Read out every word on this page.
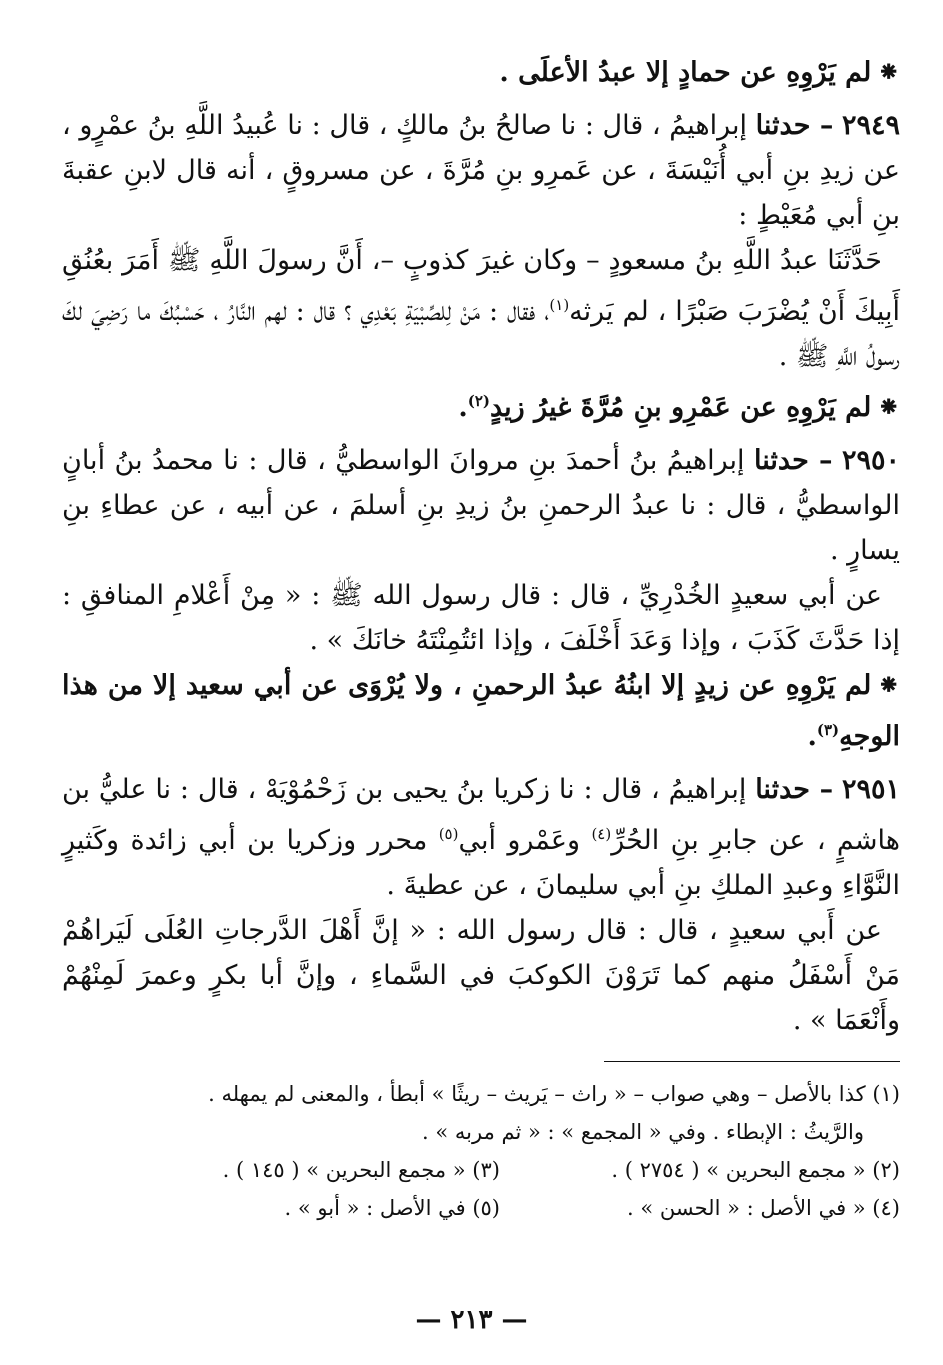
⁕لم يَرْوِهِ عن حمادٍ إلا عبدُ الأعلَى .

٢٩٤٩ – حدثنا إبراهيمُ ، قال : نا صالحُ بنُ مالكٍ ، قال : نا عُبيدُ اللَّهِ بنُ عمْرٍو ، عن زيدِ بنِ أبي أُنَيْسَةَ ، عن عَمرِو بنِ مُرَّةَ ، عن مسروقٍ ، أنه قال لابنِ عقبةَ بنِ أبي مُعَيْطٍ :

حَدَّثَنَا عبدُ اللَّهِ بنُ مسعودٍ – وكان غيرَ كذوبٍ –، أَنَّ رسولَ اللَّهِ ﷺ أَمَرَ بعُنُقِ أَبِيكَ أَنْ يُضْرَبَ صَبْرًا ، لم يَرثه$^{(١)}$، فقال : مَنْ لِلصِّبْيَةِ بَعْدِي ؟ قال : لهم النَّارُ ، حَسْبُكَ ما رَضِيَ لكَ رسولُ اللَّهِ ﷺ .

⁕لم يَرْوِهِ عن عَمْرِو بنِ مُرَّةَ غيرُ زيدٍ$^{(٢)}$.

٢٩٥٠ – حدثنا إبراهيمُ بنُ أحمدَ بنِ مروانَ الواسطيُّ ، قال : نا محمدُ بنُ أبانٍ الواسطيُّ ، قال : نا عبدُ الرحمنِ بنُ زيدِ بنِ أسلمَ ، عن أبيه ، عن عطاءِ بنِ يسارٍ .

عن أبي سعيدٍ الخُدْرِيِّ ، قال : قال رسول الله ﷺ : « مِنْ أَعْلامِ المنافقِ : إذا حَدَّثَ كَذَبَ ، وإذا وَعَدَ أَخْلَفَ ، وإذا ائتُمِنْتَهُ خانَكَ » .

⁕لم يَرْوِهِ عن زيدٍ إلا ابنُهُ عبدُ الرحمنِ ، ولا يُرْوَى عن أبي سعيد إلا من هذا الوجهِ$^{(٣)}$.

٢٩٥١ – حدثنا إبراهيمُ ، قال : نا زكريا بنُ يحيى بن زَحْمُوْيَهْ ، قال : نا عليُّ بن هاشمٍ ، عن جابرِ بنِ الحُرِّ$^{(٤)}$ وعَمْرو أبي$^{(٥)}$ محرر وزكريا بن أبي زائدة وكَثيرٍ النَّوَّاءِ وعبدِ الملكِ بنِ أبي سليمانَ ، عن عطيةَ .

عن أَبي سعيدٍ ، قال : قال رسول الله : « إنَّ أَهْلَ الدَّرجاتِ العُلَى لَيَراهُمْ مَنْ أَسْفَلُ منهم كما تَرَوْنَ الكوكبَ في السَّماءِ ، وإنَّ أبا بكرٍ وعمرَ لَمِنْهُمْ وأَنْعَمَا » .

(١) كذا بالأصل – وهي صواب – « راث – يَريث – ريثًا » أبطأ ، والمعنى لم يمهله .

والرَّيثُ : الإبطاء . وفي « المجمع » : « ثم مربه » .

(٢) « مجمع البحرين » ( ٢٧٥٤ ) .

(٣) « مجمع البحرين » ( ١٤٥ ) .

(٤) « في الأصل : « الحسن » .

(٥) في الأصل : « أبو » .

— ٢١٣ —
